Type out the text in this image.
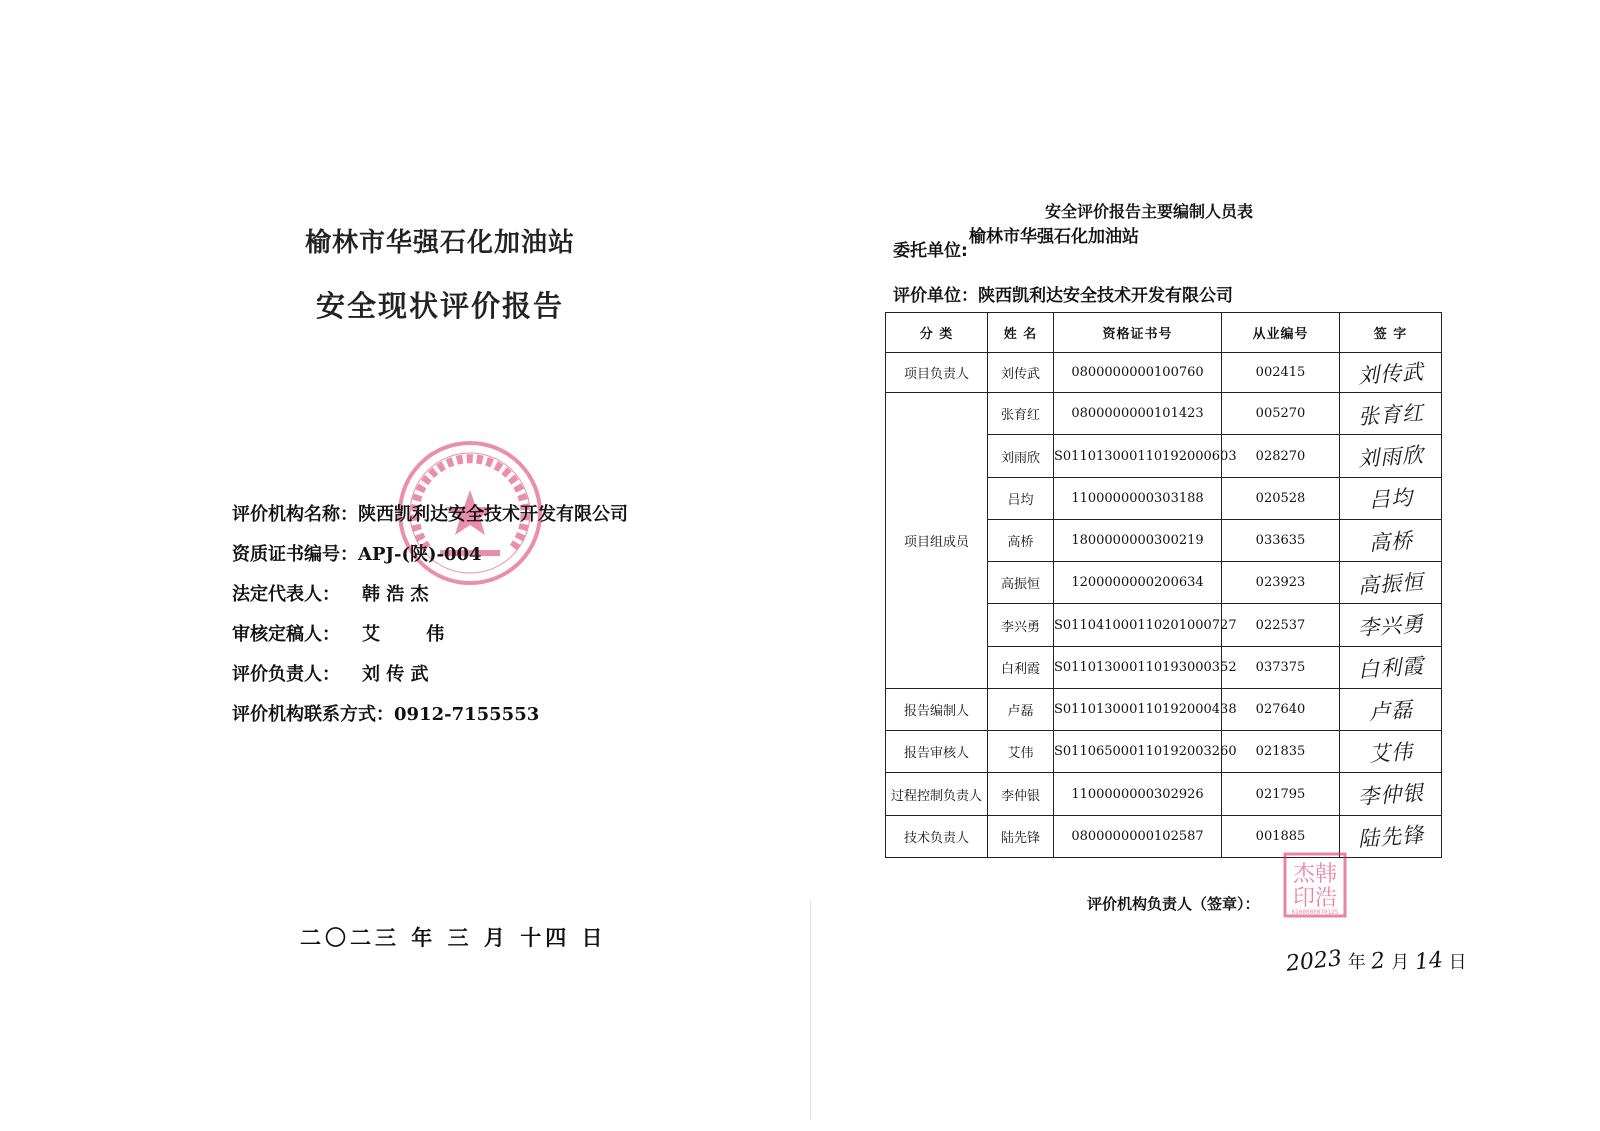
榆林市华强石化加油站
安全现状评价报告
评价机构名称：陕西凯利达安全技术开发有限公司
资质证书编号：APJ-(陕)-004
法定代表人： 韩 浩 杰
审核定稿人： 艾 伟
评价负责人： 刘 传 武
评价机构联系方式：0912-7155553
二〇二三 年 三 月 十四 日
安全评价报告主要编制人员表
委托单位:
榆林市华强石化加油站
评价单位：陕西凯利达安全技术开发有限公司
分 类	姓 名	资格证书号	从业编号	签 字
项目负责人	刘传武	0800000000100760	002415	刘传武
项目组成员	张育红	0800000000101423	005270	张育红
	刘雨欣	S011013000110192000603	028270	刘雨欣
	吕均	1100000000303188	020528	吕均
	高桥	1800000000300219	033635	高桥
	高振恒	1200000000200634	023923	高振恒
	李兴勇	S011041000110201000727	022537	李兴勇
	白利霞	S011013000110193000352	037375	白利霞
报告编制人	卢磊	S011013000110192000438	027640	卢磊
报告审核人	艾伟	S011065000110192003260	021835	艾伟
过程控制负责人	李仲银	1100000000302926	021795	李仲银
技术负责人	陆先锋	0800000000102587	001885	陆先锋
评价机构负责人（签章）：
杰韩
印浩
6100000070125
2023 年 2 月 14 日
